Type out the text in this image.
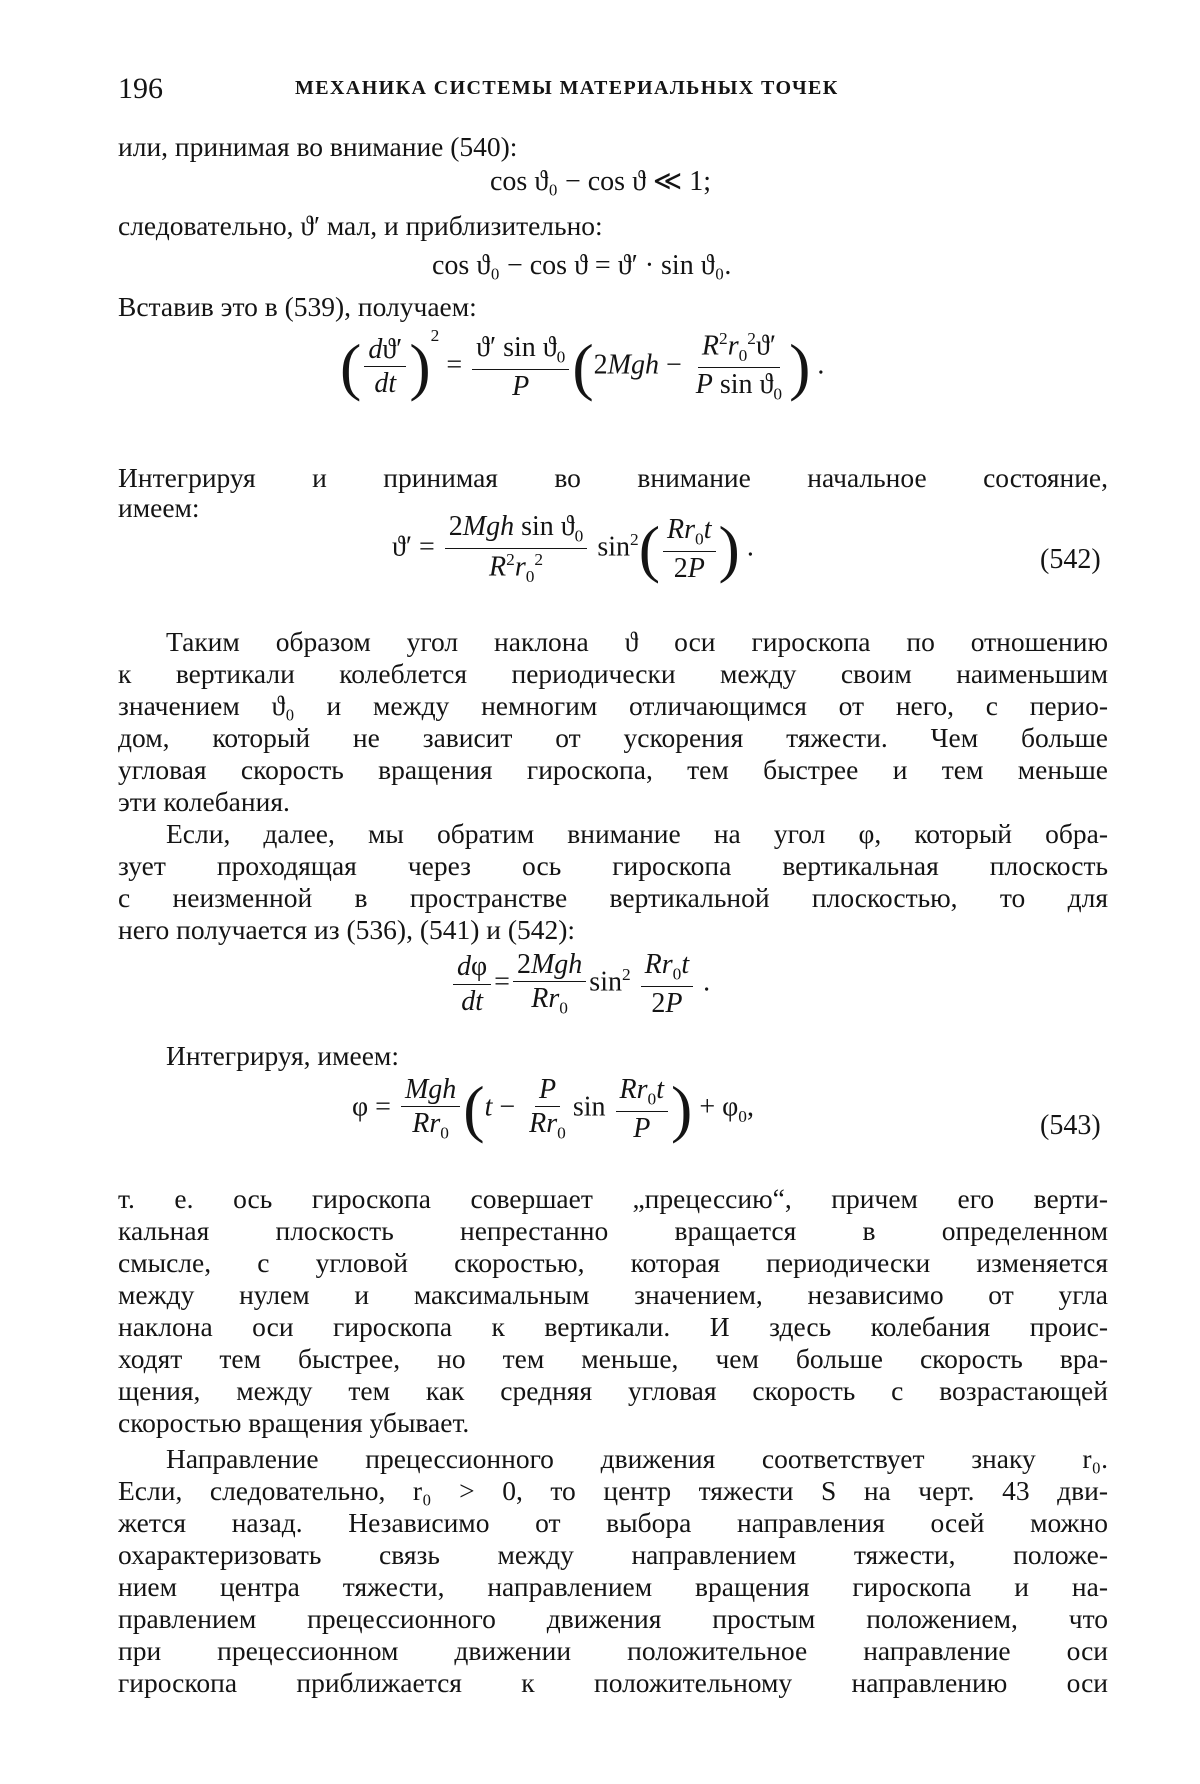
196	МЕХАНИКА СИСТЕМЫ МАТЕРИАЛЬНЫХ ТОЧЕК
или, принимая во внимание (540):
cos ϑ₀ − cos ϑ ≪ 1;
следовательно, ϑ′ мал, и приблизительно:
cos ϑ₀ − cos ϑ = ϑ′ · sin ϑ₀.
Вставив это в (539), получаем:
( $\frac{dϑ'}{dt} )^2 = \frac{ϑ' \sin ϑ_0}{P} (2Mgh - \frac{R^2r_0^2ϑ'}{P \sin ϑ_0}$ ) .
Интегрируя и принимая во внимание начальное состояние,
имеем:
$ϑ' = \frac{2Mgh \sin ϑ_0}{R^2r_0^2} \sin^2( \frac{Rr_0t}{2P}$ ) .	(542)
Таким образом угол наклона ϑ оси гироскопа по отношению
к вертикали колеблется периодически между своим наименьшим
значением ϑ₀ и между немногим отличающимся от него, с перио-
дом, который не зависит от ускорения тяжести. Чем больше
угловая скорость вращения гироскопа, тем быстрее и тем меньше
эти колебания.
Если, далее, мы обратим внимание на угол φ, который обра-
зует проходящая через ось гироскопа вертикальная плоскость
с неизменной в пространстве вертикальной плоскостью, то для
него получается из (536), (541) и (542):
$\frac{d\varphi}{dt} = \frac{\text{2Mgh}}{Rr_0} \sin^2 \frac{Rr_0t}{2P}$ .
Интегрируя, имеем:
$\varphi = \frac{\text{Mgh}}{Rr_0} (t - \frac{P}{Rr_0}$ $\sin \frac{Rr_0t}{P}$ ) + $\varphi_0$,
(543)
т. е. ось гироскопа совершает „прецессию“, причем его верти-
кальная плоскость непрестанно вращается в определенном
смысле, с угловой скоростью, которая периодически изменяется
между нулем и максимальным значением, независимо от угла
наклона оси гироскопа к вертикали. И здесь колебания проис-
ходят тем быстрее, но тем меньше, чем больше скорость вра-
щения, между тем как средняя угловая скорость с возрастающей
скоростью вращения убывает.
Направление прецессионного движения соответствует знаку r₀.
Если, следовательно, r₀ > 0, то центр тяжести S на черт. 43 дви-
жется назад. Независимо от выбора направления осей можно
охарактеризовать связь между направлением тяжести, положе-
нием центра тяжести, направлением вращения гироскопа и на-
правлением прецессионного движения простым положением, что
при прецессионном движении положительное направление оси
гироскопа приближается к положительному направлению оси
